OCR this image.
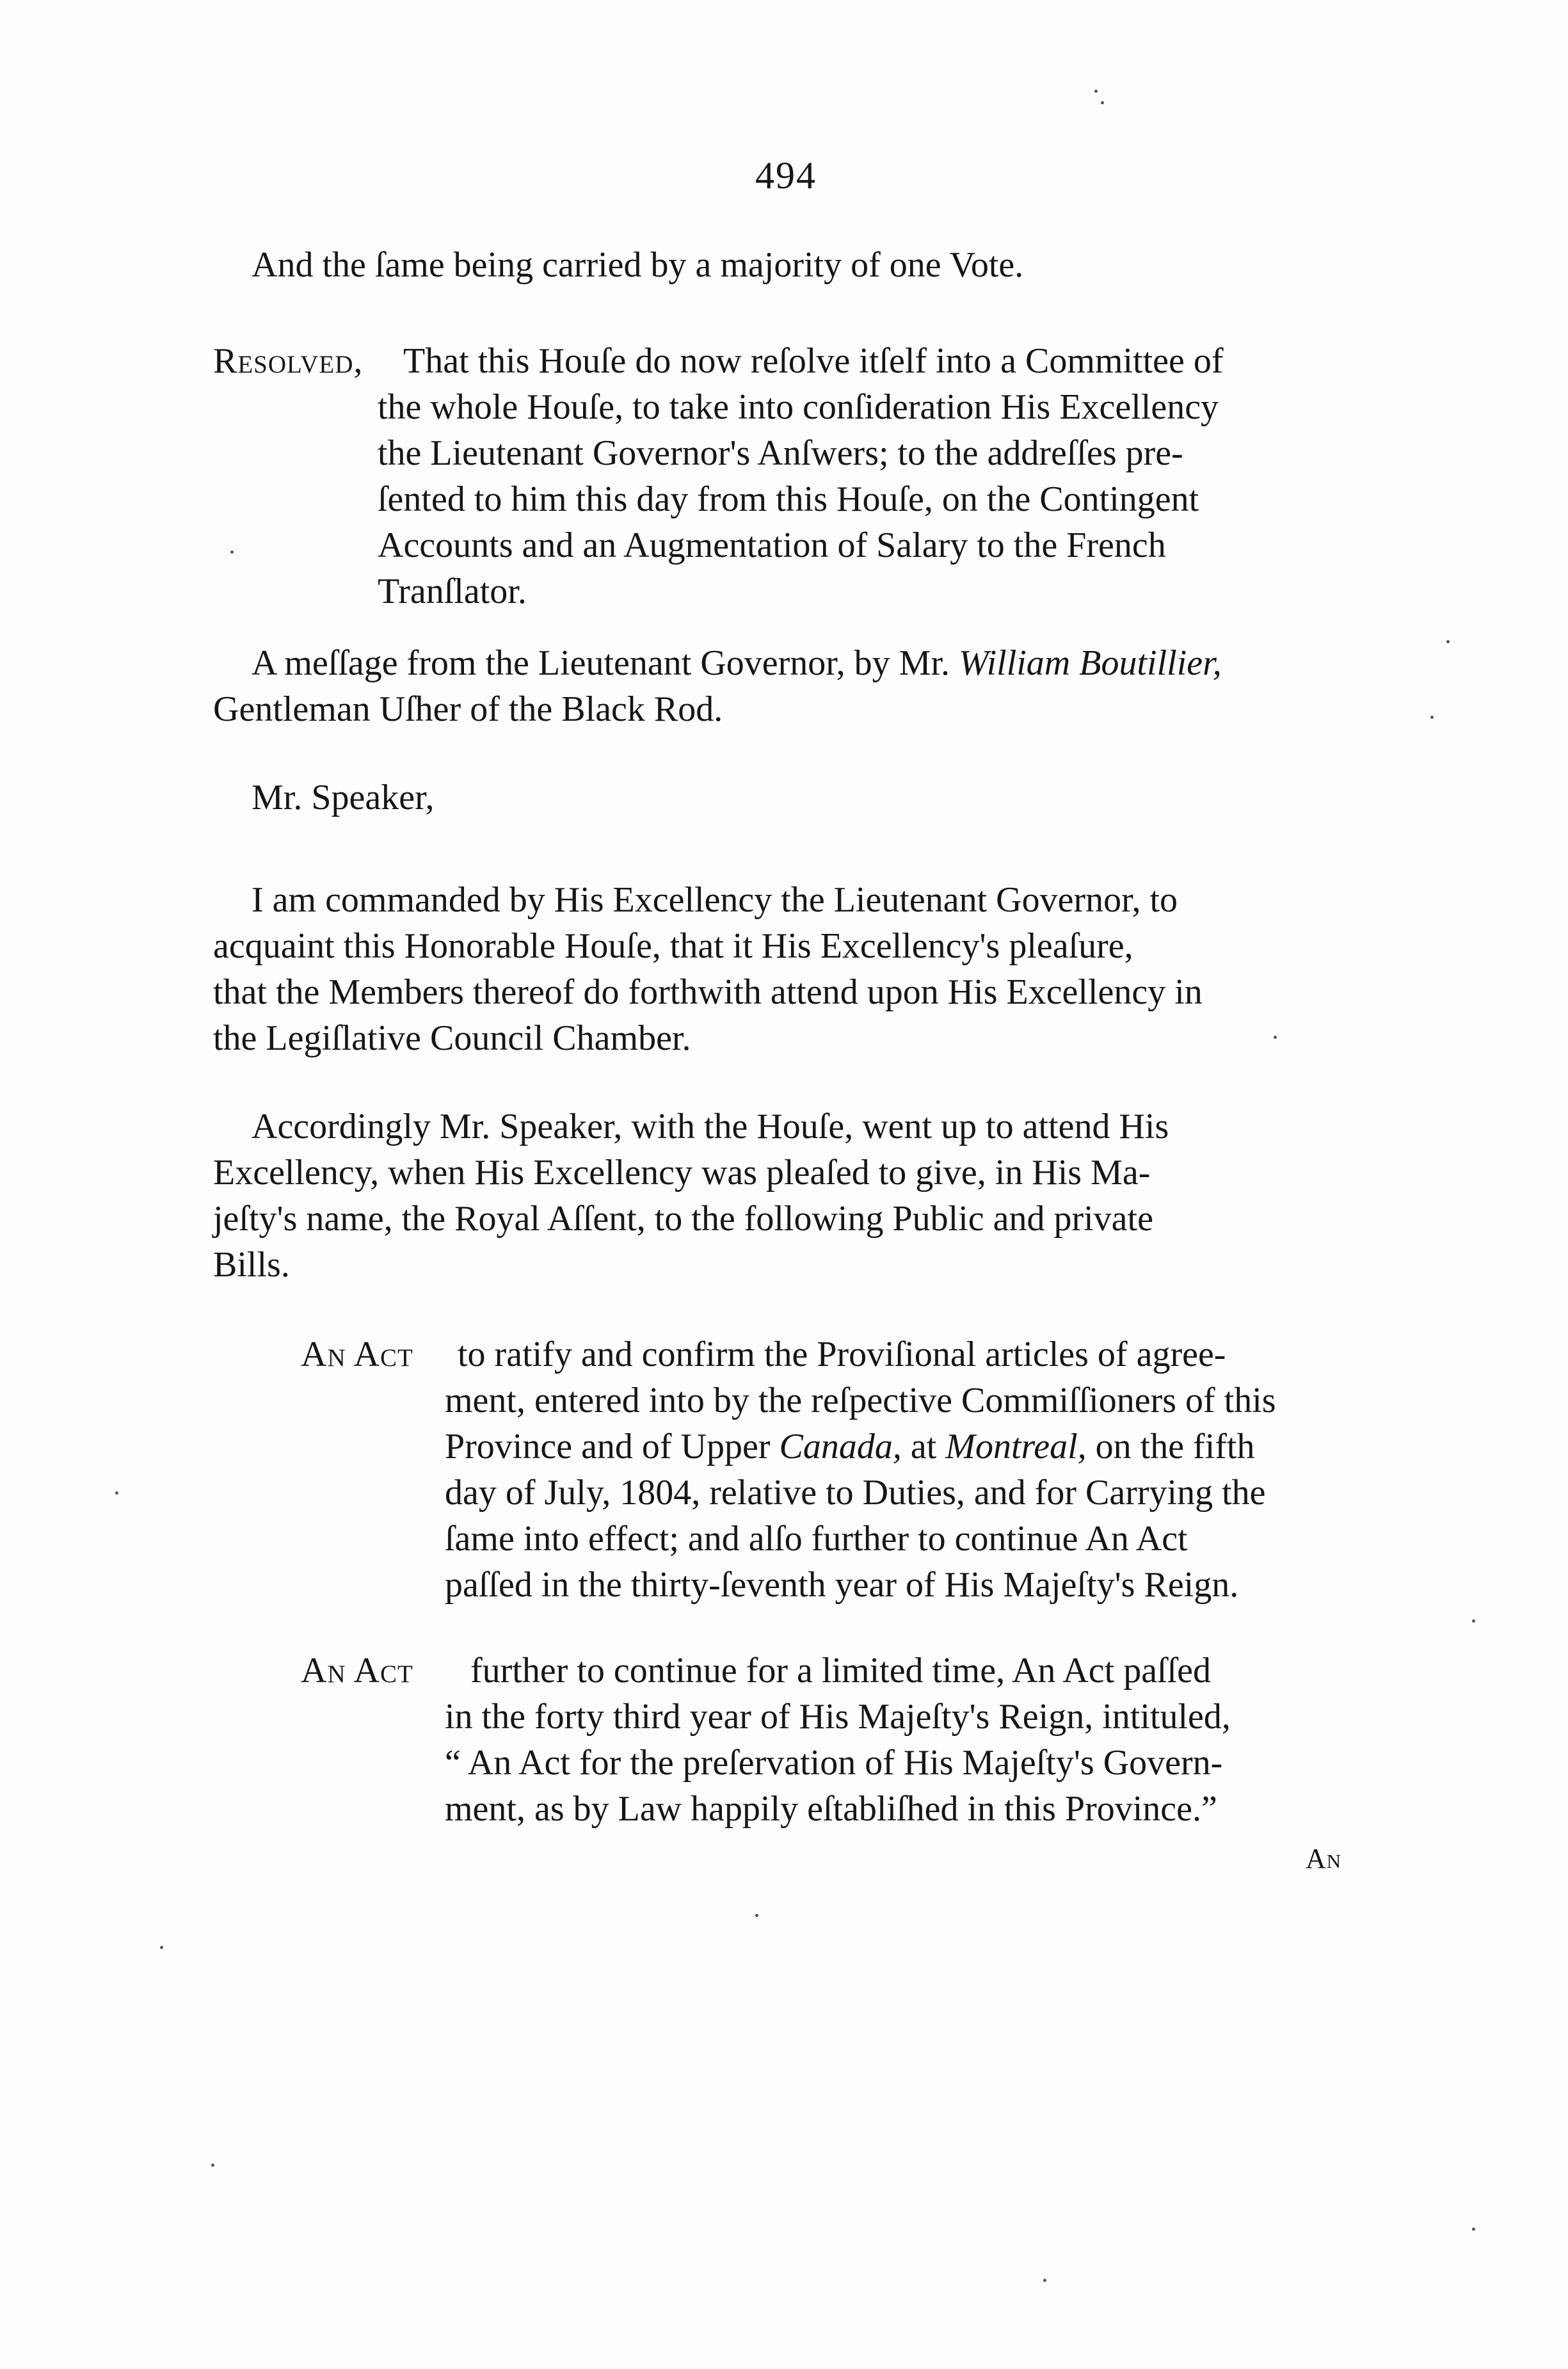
494
And the ſame being carried by a majority of one Vote.
Resolved, That this Houſe do now reſolve itſelf into a Committee of
the whole Houſe, to take into conſideration His Excellency
the Lieutenant Governor's Anſwers; to the addreſſes pre-
ſented to him this day from this Houſe, on the Contingent
Accounts and an Augmentation of Salary to the French
Tranſlator.
A meſſage from the Lieutenant Governor, by Mr. William Boutillier,
Gentleman Uſher of the Black Rod.
Mr. Speaker,
I am commanded by His Excellency the Lieutenant Governor, to
acquaint this Honorable Houſe, that it His Excellency's pleaſure,
that the Members thereof do forthwith attend upon His Excellency in
the Legiſlative Council Chamber.
Accordingly Mr. Speaker, with the Houſe, went up to attend His
Excellency, when His Excellency was pleaſed to give, in His Ma-
jeſty's name, the Royal Aſſent, to the following Public and private
Bills.
An Act to ratify and confirm the Proviſional articles of agree-
ment, entered into by the reſpective Commiſſioners of this
Province and of Upper Canada, at Montreal, on the fifth
day of July, 1804, relative to Duties, and for Carrying the
ſame into effect; and alſo further to continue An Act
paſſed in the thirty-ſeventh year of His Majeſty's Reign.
An Act further to continue for a limited time, An Act paſſed
in the forty third year of His Majeſty's Reign, intituled,
“ An Act for the preſervation of His Majeſty's Govern-
ment, as by Law happily eſtabliſhed in this Province.”
An
